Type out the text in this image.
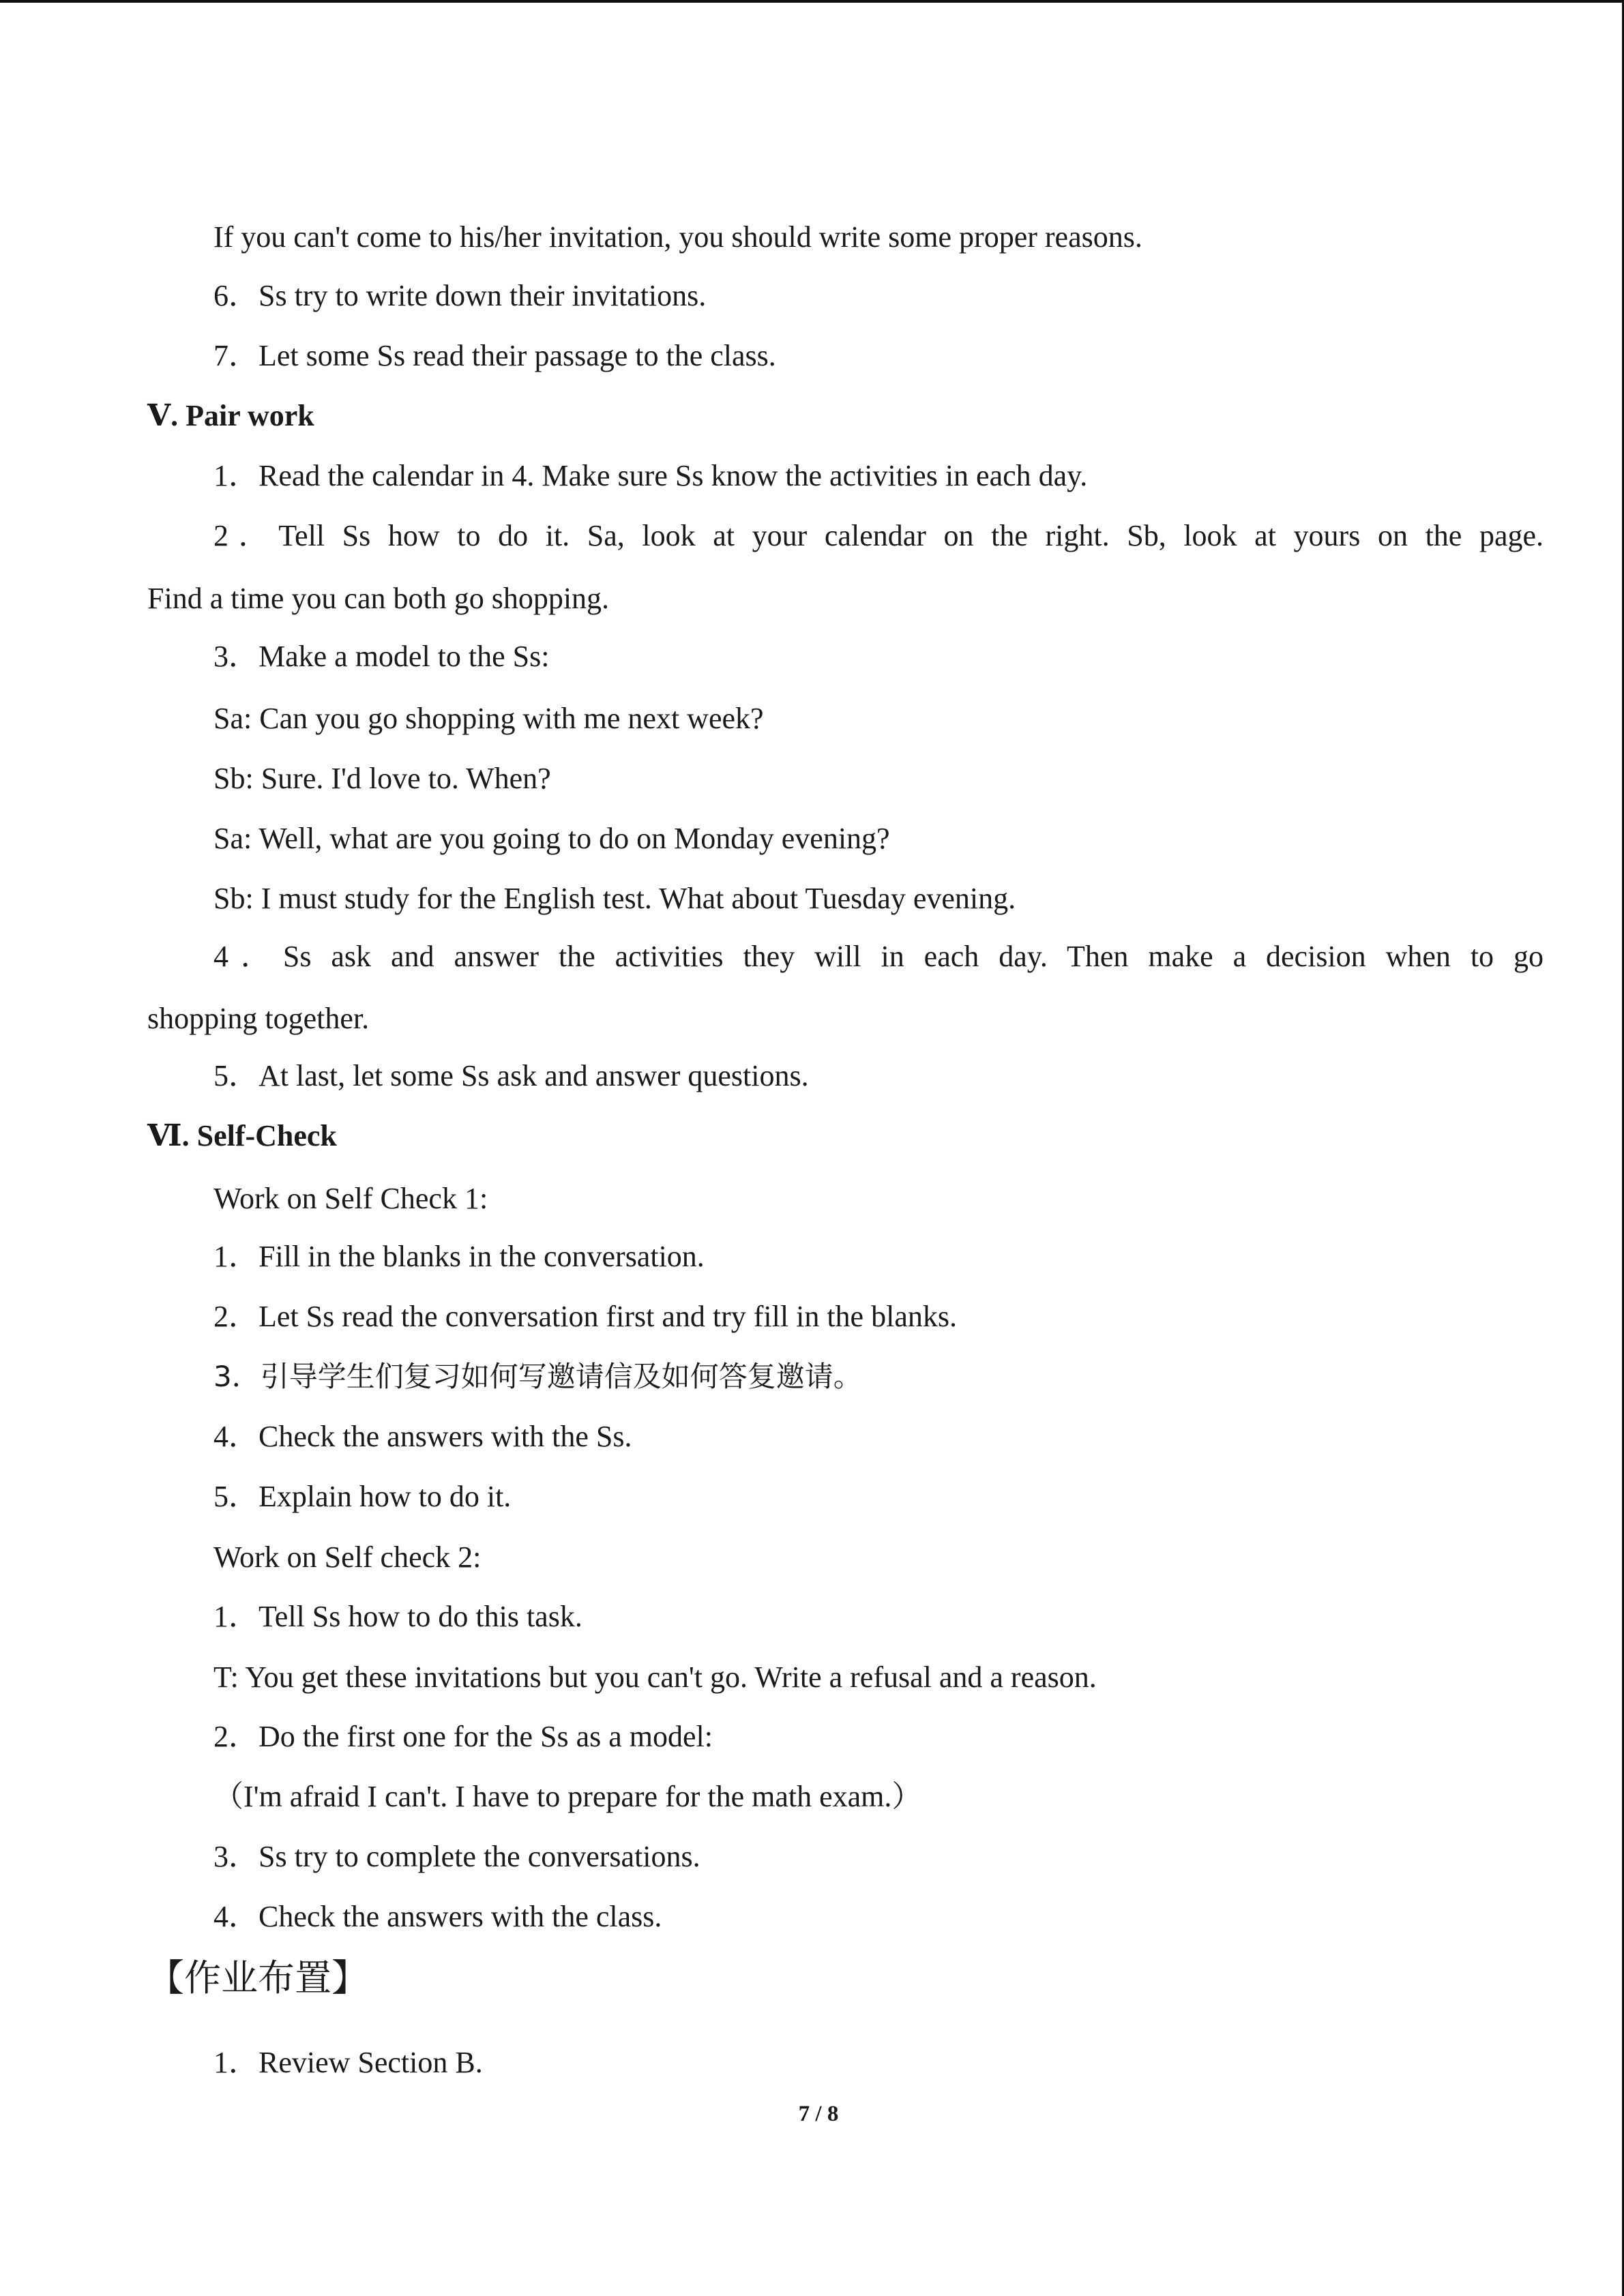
If you can't come to his/her invitation, you should write some proper reasons.
6．Ss try to write down their invitations.
7．Let some Ss read their passage to the class.
Ⅴ. Pair work
1．Read the calendar in 4. Make sure Ss know the activities in each day.
2．Tell Ss how to do it. Sa, look at your calendar on the right. Sb, look at yours on the page.
Find a time you can both go shopping.
3．Make a model to the Ss:
Sa: Can you go shopping with me next week?
Sb: Sure. I'd love to. When?
Sa: Well, what are you going to do on Monday evening?
Sb: I must study for the English test. What about Tuesday evening.
4．Ss ask and answer the activities they will in each day. Then make a decision when to go
shopping together.
5．At last, let some Ss ask and answer questions.
Ⅵ. Self-Check
Work on Self Check 1:
1．Fill in the blanks in the conversation.
2．Let Ss read the conversation first and try fill in the blanks.
3．引导学生们复习如何写邀请信及如何答复邀请。
4．Check the answers with the Ss.
5．Explain how to do it.
Work on Self check 2:
1．Tell Ss how to do this task.
T: You get these invitations but you can't go. Write a refusal and a reason.
2．Do the first one for the Ss as a model:
（I'm afraid I can't. I have to prepare for the math exam.）
3．Ss try to complete the conversations.
4．Check the answers with the class.
【作业布置】
1．Review Section B.
7 / 8
